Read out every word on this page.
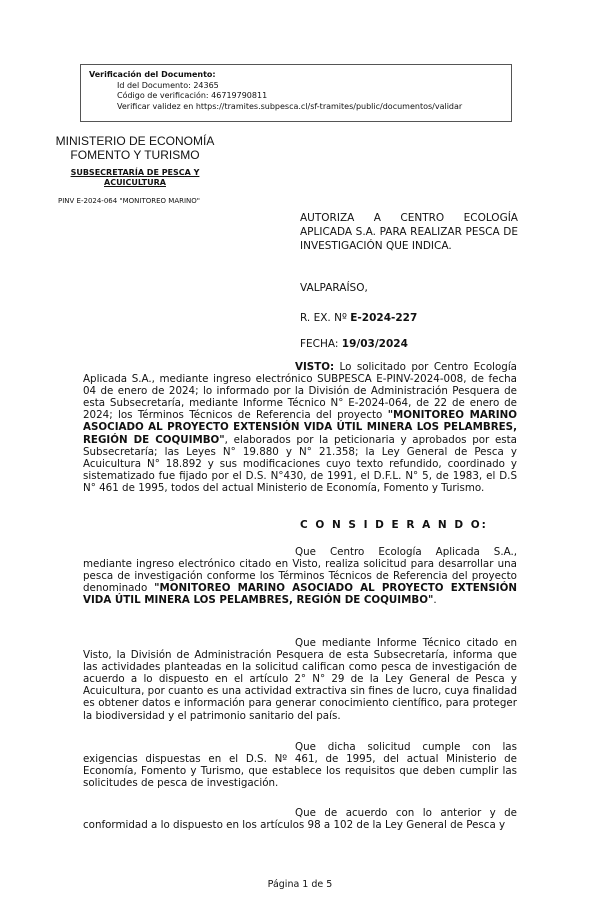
Verificación del Documento:
• Id del Documento: 24365
• Código de verificación: 46719790811
• Verificar validez en https://tramites.subpesca.cl/sf-tramites/public/documentos/validar
MINISTERIO DE ECONOMÍA
FOMENTO Y TURISMO
SUBSECRETARÍA DE PESCA Y ACUICULTURA
PINV E-2024-064 "MONITOREO MARINO"
AUTORIZA A CENTRO ECOLOGÍA APLICADA S.A. PARA REALIZAR PESCA DE INVESTIGACIÓN QUE INDICA.
VALPARAÍSO,
R. EX. Nº E-2024-227
FECHA: 19/03/2024
VISTO: Lo solicitado por Centro Ecología Aplicada S.A., mediante ingreso electrónico SUBPESCA E-PINV-2024-008, de fecha 04 de enero de 2024; lo informado por la División de Administración Pesquera de esta Subsecretaría, mediante Informe Técnico N° E-2024-064, de 22 de enero de 2024; los Términos Técnicos de Referencia del proyecto "MONITOREO MARINO ASOCIADO AL PROYECTO EXTENSIÓN VIDA ÚTIL MINERA LOS PELAMBRES, REGIÓN DE COQUIMBO", elaborados por la peticionaria y aprobados por esta Subsecretaría; las Leyes N° 19.880 y N° 21.358; la Ley General de Pesca y Acuicultura N° 18.892 y sus modificaciones cuyo texto refundido, coordinado y sistematizado fue fijado por el D.S. N°430, de 1991, el D.F.L. N° 5, de 1983, el D.S N° 461 de 1995, todos del actual Ministerio de Economía, Fomento y Turismo.
C O N S I D E R A N D O:
Que Centro Ecología Aplicada S.A., mediante ingreso electrónico citado en Visto, realiza solicitud para desarrollar una pesca de investigación conforme los Términos Técnicos de Referencia del proyecto denominado "MONITOREO MARINO ASOCIADO AL PROYECTO EXTENSIÓN VIDA ÚTIL MINERA LOS PELAMBRES, REGIÓN DE COQUIMBO".
Que mediante Informe Técnico citado en Visto, la División de Administración Pesquera de esta Subsecretaría, informa que las actividades planteadas en la solicitud califican como pesca de investigación de acuerdo a lo dispuesto en el artículo 2° N° 29 de la Ley General de Pesca y Acuicultura, por cuanto es una actividad extractiva sin fines de lucro, cuya finalidad es obtener datos e información para generar conocimiento científico, para proteger la biodiversidad y el patrimonio sanitario del país.
Que dicha solicitud cumple con las exigencias dispuestas en el D.S. Nº 461, de 1995, del actual Ministerio de Economía, Fomento y Turismo, que establece los requisitos que deben cumplir las solicitudes de pesca de investigación.
Que de acuerdo con lo anterior y de conformidad a lo dispuesto en los artículos 98 a 102 de la Ley General de Pesca y
Página 1 de 5
